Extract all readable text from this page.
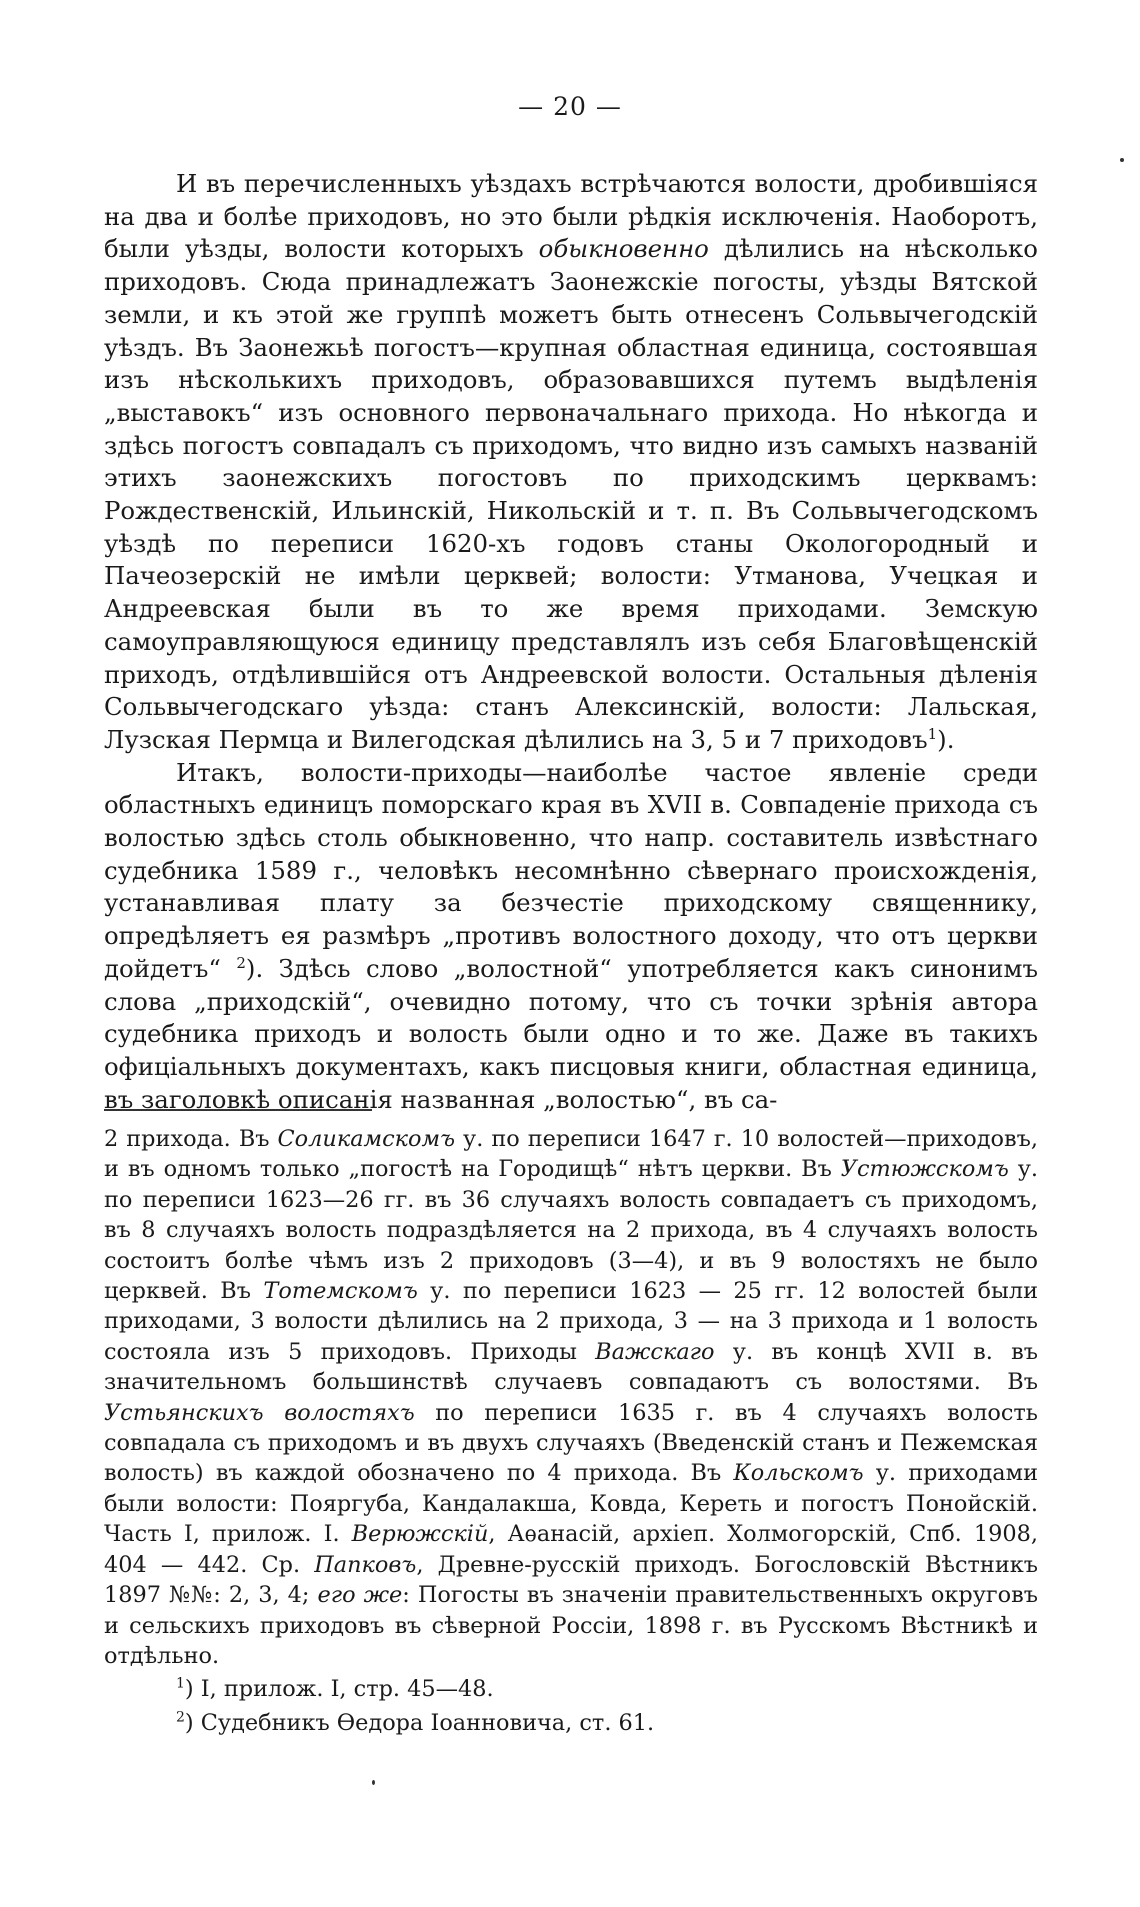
— 20 —

И въ перечисленныхъ уѣздахъ встрѣчаются волости, дробившіяся на два и болѣе приходовъ, но это были рѣдкія исключенія. Наоборотъ, были уѣзды, волости которыхъ обыкновенно дѣлились на нѣсколько приходовъ. Сюда принадлежатъ Заонежскіе погосты, уѣзды Вятской земли, и къ этой же группѣ можетъ быть отнесенъ Сольвычегодскій уѣздъ. Въ Заонежьѣ погостъ—крупная областная единица, состоявшая изъ нѣсколькихъ приходовъ, образовавшихся путемъ выдѣленія „выставокъ“ изъ основного первоначальнаго прихода. Но нѣкогда и здѣсь погостъ совпадалъ съ приходомъ, что видно изъ самыхъ названій этихъ заонежскихъ погостовъ по приходскимъ церквамъ: Рождественскій, Ильинскій, Никольскій и т. п. Въ Сольвычегодскомъ уѣздѣ по переписи 1620-хъ годовъ станы Окологородный и Пачеозерскій не имѣли церквей; волости: Утманова, Учецкая и Андреевская были въ то же время приходами. Земскую самоуправляющуюся единицу представлялъ изъ себя Благовѣщенскій приходъ, отдѣлившійся отъ Андреевской волости. Остальныя дѣленія Сольвычегодскаго уѣзда: станъ Алексинскій, волости: Лальская, Лузская Пермца и Вилегодская дѣлились на 3, 5 и 7 приходовъ$^1$).

Итакъ, волости-приходы—наиболѣе частое явленіе среди областныхъ единицъ поморскаго края въ XVII в. Совпаденіе прихода съ волостью здѣсь столь обыкновенно, что напр. составитель извѣстнаго судебника 1589 г., человѣкъ несомнѣнно сѣвернаго происхожденія, устанавливая плату за безчестіе приходскому священнику, опредѣляетъ ея размѣръ „противъ волостного доходу, что отъ церкви дойдетъ“ $^2$). Здѣсь слово „волостной“ употребляется какъ синонимъ слова „приходскій“, очевидно потому, что съ точки зрѣнія автора судебника приходъ и волость были одно и то же. Даже въ такихъ офиціальныхъ документахъ, какъ писцовыя книги, областная единица, въ заголовкѣ описанія названная „волостью“, въ са-

2 прихода. Въ Соликамскомъ у. по переписи 1647 г. 10 волостей—приходовъ, и въ одномъ только „погостѣ на Городищѣ“ нѣтъ церкви. Въ Устюжскомъ у. по переписи 1623—26 гг. въ 36 случаяхъ волость совпадаетъ съ приходомъ, въ 8 случаяхъ волость подраздѣляется на 2 прихода, въ 4 случаяхъ волость состоитъ болѣе чѣмъ изъ 2 приходовъ (3—4), и въ 9 волостяхъ не было церквей. Въ Тотемскомъ у. по переписи 1623 — 25 гг. 12 волостей были приходами, 3 волости дѣлились на 2 прихода, 3 — на 3 прихода и 1 волость состояла изъ 5 приходовъ. Приходы Важскаго у. въ концѣ XVII в. въ значительномъ большинствѣ случаевъ совпадаютъ съ волостями. Въ Устьянскихъ волостяхъ по переписи 1635 г. въ 4 случаяхъ волость совпадала съ приходомъ и въ двухъ случаяхъ (Введенскій станъ и Пежемская волость) въ каждой обозначено по 4 прихода. Въ Кольскомъ у. приходами были волости: Пояргуба, Кандалакша, Ковда, Кереть и погостъ Понойскій. Часть I, прилож. I. Верюжскій, Аѳанасій, архіеп. Холмогорскій, Спб. 1908, 404 — 442. Ср. Папковъ, Древне-русскій приходъ. Богословскій Вѣстникъ 1897 №№: 2, 3, 4; его же: Погосты въ значеніи правительственныхъ округовъ и сельскихъ приходовъ въ сѣверной Россіи, 1898 г. въ Русскомъ Вѣстникѣ и отдѣльно.

$^1$) I, прилож. I, стр. 45—48.
$^2$) Судебникъ Ѳедора Іоанновича, ст. 61.
